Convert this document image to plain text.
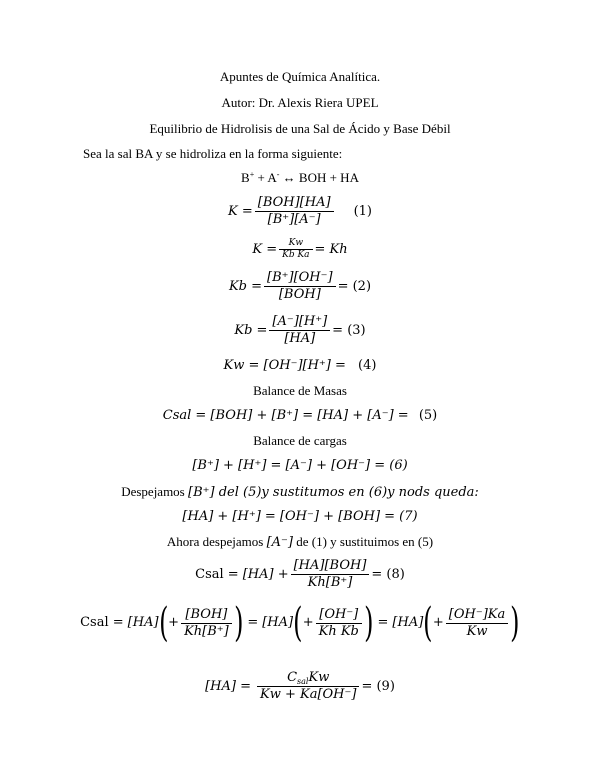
Apuntes de Química Analítica.
Autor: Dr. Alexis Riera UPEL
Equilibrio de Hidrolisis de una Sal de Ácido y Base Débil
Sea la sal BA y se hidroliza en la forma siguiente:
B+ + A- ↔ BOH + HA
$K = \frac{\text{[BOH][HA]}}{[B^+][A^-]} (1)$
$K = \frac{Kw}{\text{Kb Ka}} = Kh$
$Kb = \frac{[B^+][OH^-]}{\text{[BOH]}} = (2)$
$Kb = \frac{[A^-][H^+]}{[HA]} = (3)$
Kw = [OH⁻][H⁺] = (4)
Balance de Masas
Csal = [BOH] + [B⁺] = [HA] + [A⁻] = (5)
Balance de cargas
[B⁺] + [H⁺] = [A⁻] + [OH⁻] = (6)
Despejamos [B⁺] del (5)y sustitumos en (6)y nods queda:
[HA] + [H⁺] = [OH⁻] + [BOH] = (7)
Ahora despejamos [A⁻] de (1) y sustituimos en (5)
Csal = $[HA] + \frac{\text{[HA][BOH]}}{Kh[B^+]} = (8)$
Csal = [HA] ( + $\frac{\text{[BOH]}}{Kh[B^+]}$ ) = [HA] ( + $\frac{[OH^-]}{\text{Kh Kb}}$ ) = [HA] ( + $\frac{[OH^-]Ka}{Kw}$ )
$[HA] = \frac{C_{sal}Kw}{Kw + Ka[OH^-]} = (9)$
